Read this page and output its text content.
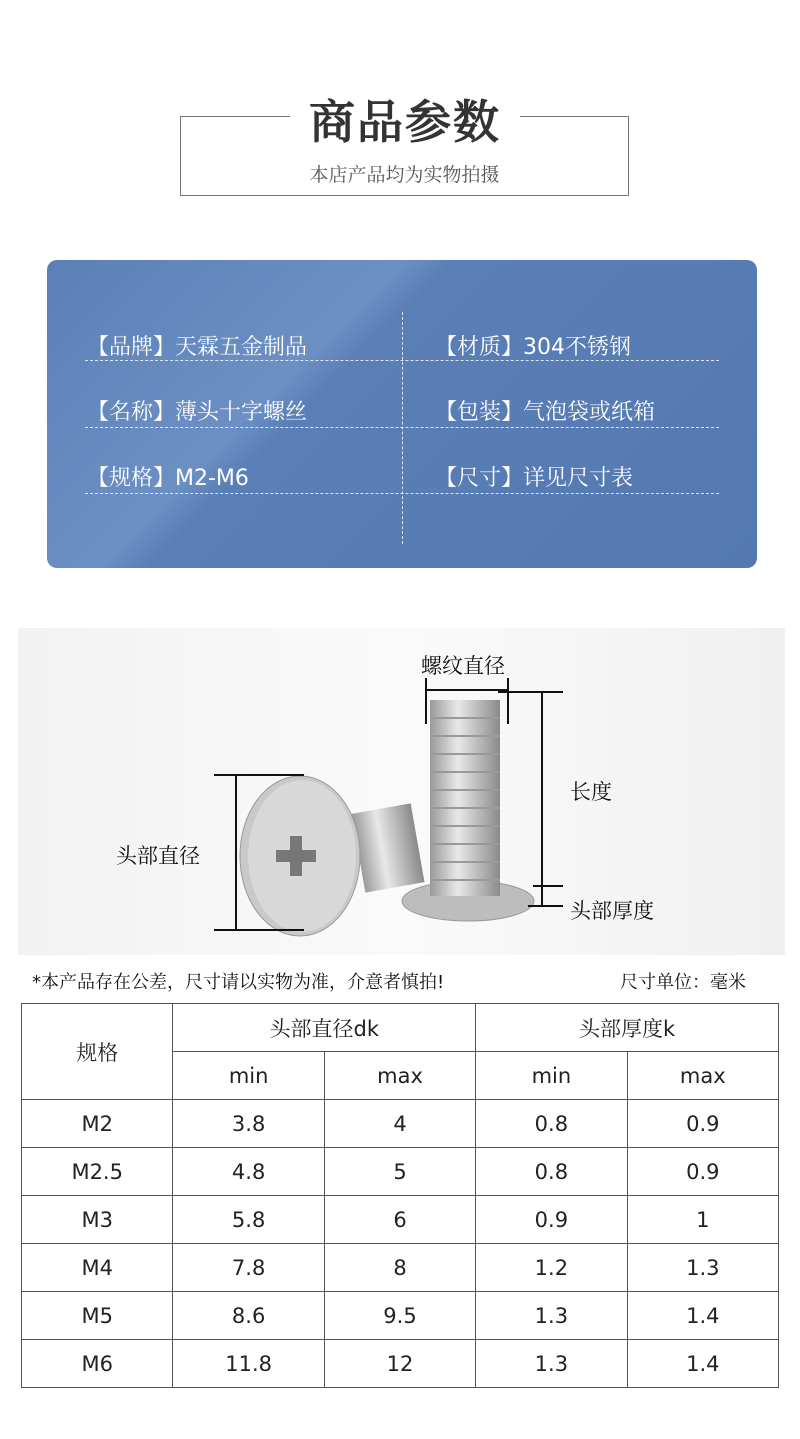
商品参数
本店产品均为实物拍摄
【品牌】天霖五金制品	【材质】304不锈钢
【名称】薄头十字螺丝	【包装】气泡袋或纸箱
【规格】M2-M6	【尺寸】详见尺寸表
螺纹直径
长度
头部直径
头部厚度
*本产品存在公差，尺寸请以实物为准，介意者慎拍!	尺寸单位：毫米
规格	头部直径dk		头部厚度k	
	min	max	min	max
M2	3.8	4	0.8	0.9
M2.5	4.8	5	0.8	0.9
M3	5.8	6	0.9	1
M4	7.8	8	1.2	1.3
M5	8.6	9.5	1.3	1.4
M6	11.8	12	1.3	1.4
